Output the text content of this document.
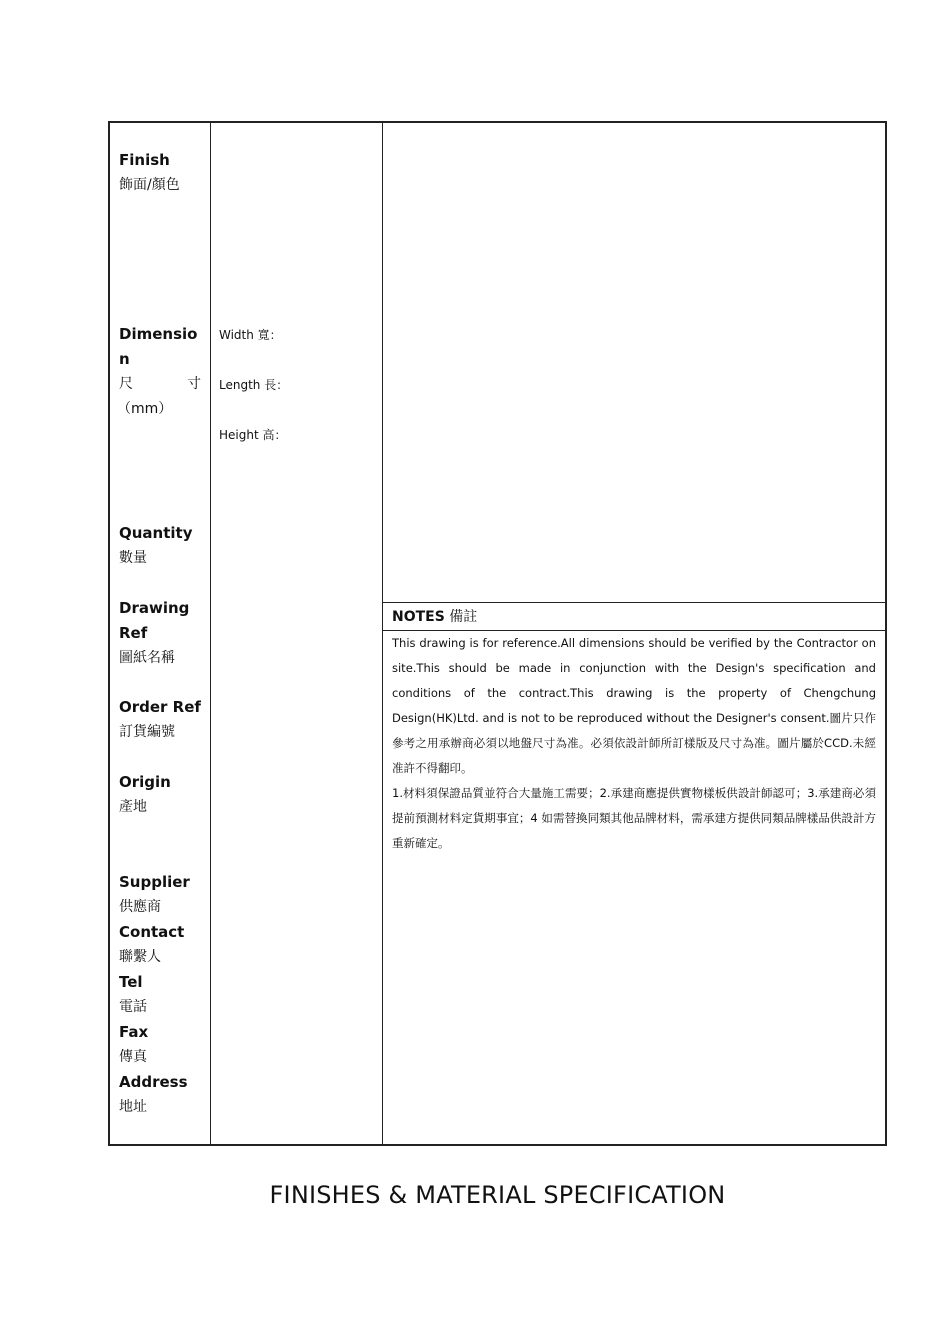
Finish
飾面/顏色
Dimensio
n
尺 寸
（mm）
Width 寬：
Length 長：
Height 高：
Quantity
數量
Drawing
Ref
圖紙名稱
Order Ref
訂貨編號
Origin
產地
Supplier
供應商
Contact
聯繫人
Tel
電話
Fax
傳真
Address
地址
NOTES 備註

This drawing is for reference.All dimensions should be verified by the Contractor on site.This should be made in conjunction with the Design's specification and conditions of the contract.This drawing is the property of Chengchung Design(HK)Ltd. and is not to be reproduced without the Designer's consent.圖片只作參考之用承辦商必須以地盤尺寸為准。必須依設計師所訂樣版及尺寸為准。圖片屬於CCD.未經准許不得翻印。

1.材料須保證品質並符合大量施工需要；2.承建商應提供實物樣板供設計師認可；3.承建商必須提前預測材料定貨期事宜；4 如需替換同類其他品牌材料，需承建方提供同類品牌樣品供設計方重新確定。

FINISHES & MATERIAL SPECIFICATION
